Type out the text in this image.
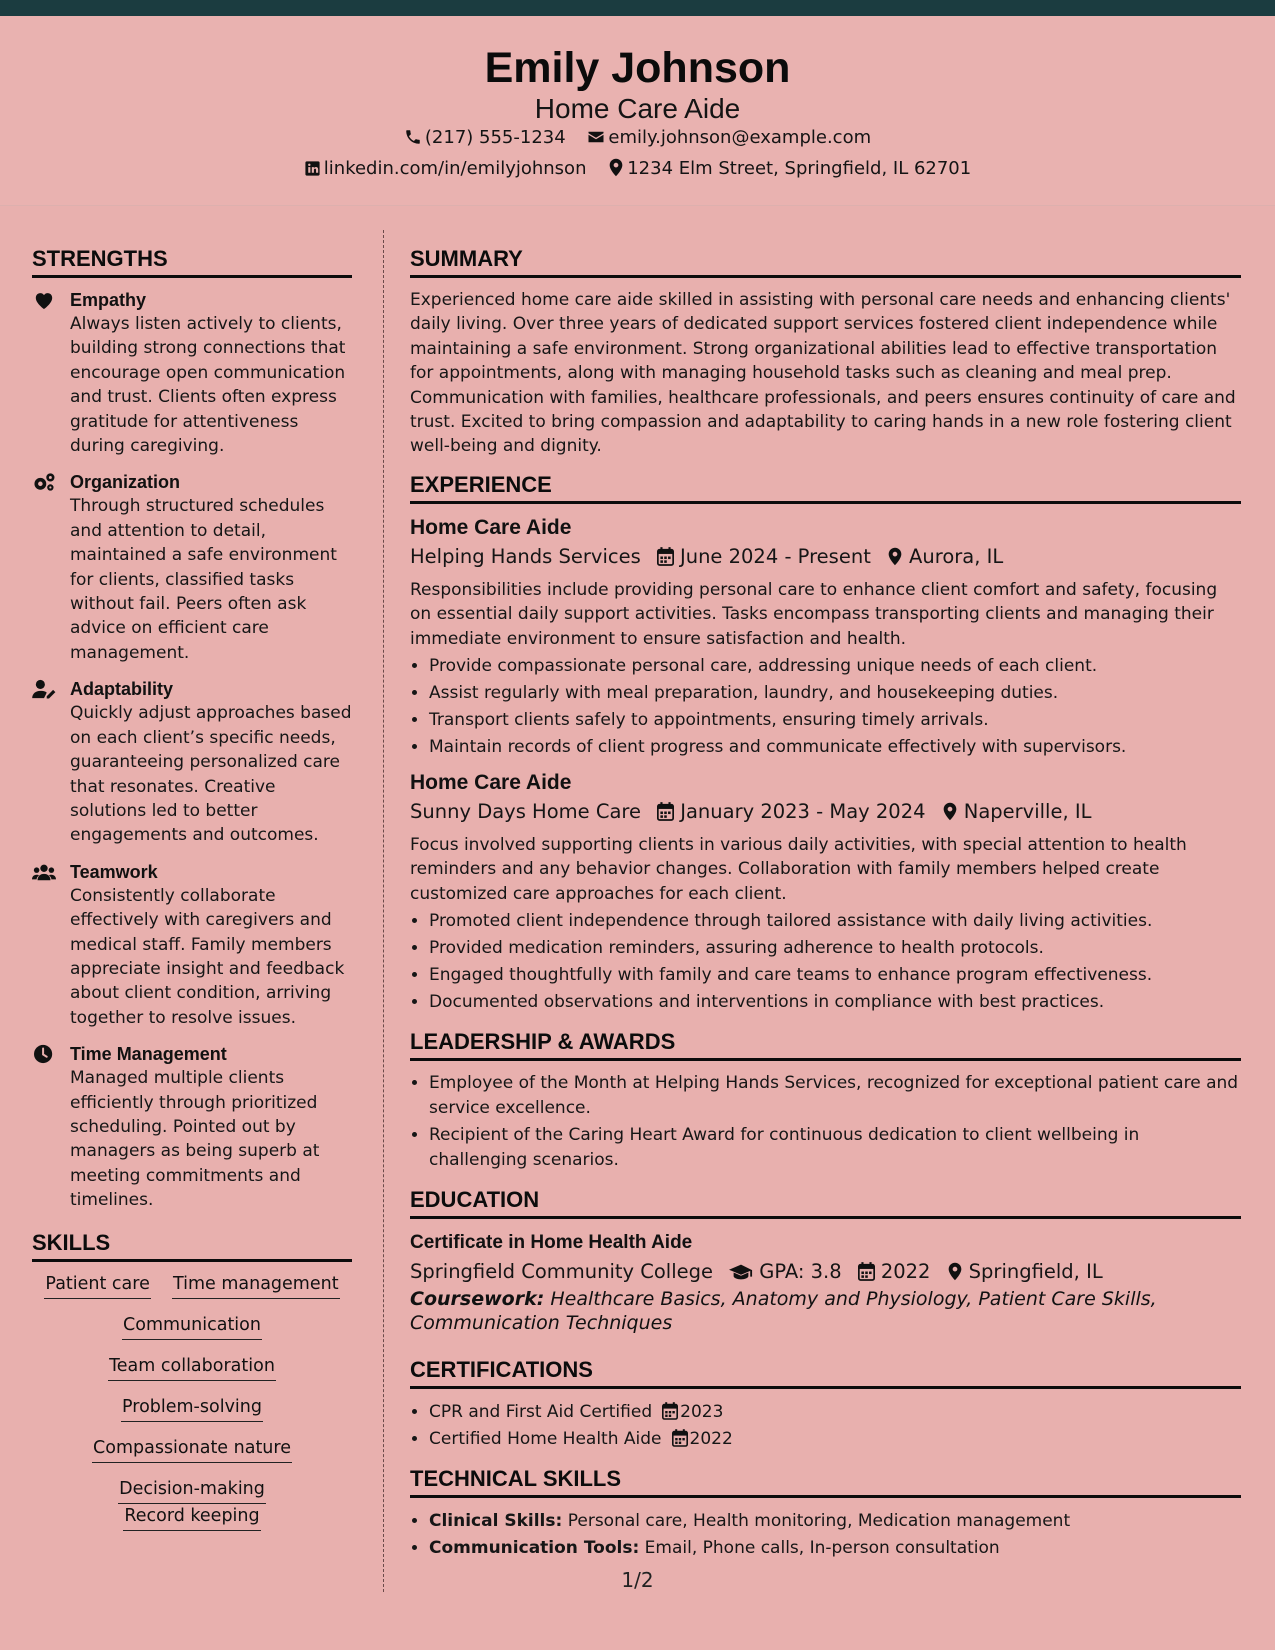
Emily Johnson
Home Care Aide
(217) 555-1234 emily.johnson@example.com
linkedin.com/in/emilyjohnson 1234 Elm Street, Springfield, IL 62701
STRENGTHS
Empathy
Always listen actively to clients, building strong connections that encourage open communication and trust. Clients often express gratitude for attentiveness during caregiving.
Organization
Through structured schedules and attention to detail, maintained a safe environment for clients, classified tasks without fail. Peers often ask advice on efficient care management.
Adaptability
Quickly adjust approaches based on each client’s specific needs, guaranteeing personalized care that resonates. Creative solutions led to better engagements and outcomes.
Teamwork
Consistently collaborate effectively with caregivers and medical staff. Family members appreciate insight and feedback about client condition, arriving together to resolve issues.
Time Management
Managed multiple clients efficiently through prioritized scheduling. Pointed out by managers as being superb at meeting commitments and timelines.
SKILLS
Patient care Time management
Communication
Team collaboration
Problem-solving
Compassionate nature
Decision-making Record keeping
SUMMARY

Experienced home care aide skilled in assisting with personal care needs and enhancing clients' daily living. Over three years of dedicated support services fostered client independence while maintaining a safe environment. Strong organizational abilities lead to effective transportation for appointments, along with managing household tasks such as cleaning and meal prep. Communication with families, healthcare professionals, and peers ensures continuity of care and trust. Excited to bring compassion and adaptability to caring hands in a new role fostering client well-being and dignity.

EXPERIENCE
Home Care Aide
Helping Hands Services June 2024 - Present Aurora, IL

Responsibilities include providing personal care to enhance client comfort and safety, focusing on essential daily support activities. Tasks encompass transporting clients and managing their immediate environment to ensure satisfaction and health.

• Provide compassionate personal care, addressing unique needs of each client.
• Assist regularly with meal preparation, laundry, and housekeeping duties.
• Transport clients safely to appointments, ensuring timely arrivals.
• Maintain records of client progress and communicate effectively with supervisors.
Home Care Aide
Sunny Days Home Care January 2023 - May 2024 Naperville, IL

Focus involved supporting clients in various daily activities, with special attention to health reminders and any behavior changes. Collaboration with family members helped create customized care approaches for each client.

• Promoted client independence through tailored assistance with daily living activities.
• Provided medication reminders, assuring adherence to health protocols.
• Engaged thoughtfully with family and care teams to enhance program effectiveness.
• Documented observations and interventions in compliance with best practices.
LEADERSHIP & AWARDS
• Employee of the Month at Helping Hands Services, recognized for exceptional patient care and service excellence.
• Recipient of the Caring Heart Award for continuous dedication to client wellbeing in challenging scenarios.
EDUCATION
Certificate in Home Health Aide
Springfield Community College GPA: 3.8 2022 Springfield, IL
Coursework: Healthcare Basics, Anatomy and Physiology, Patient Care Skills, Communication Techniques
CERTIFICATIONS
• CPR and First Aid Certified 2023
• Certified Home Health Aide 2022
TECHNICAL SKILLS
• Clinical Skills: Personal care, Health monitoring, Medication management
• Communication Tools: Email, Phone calls, In-person consultation
1/2
